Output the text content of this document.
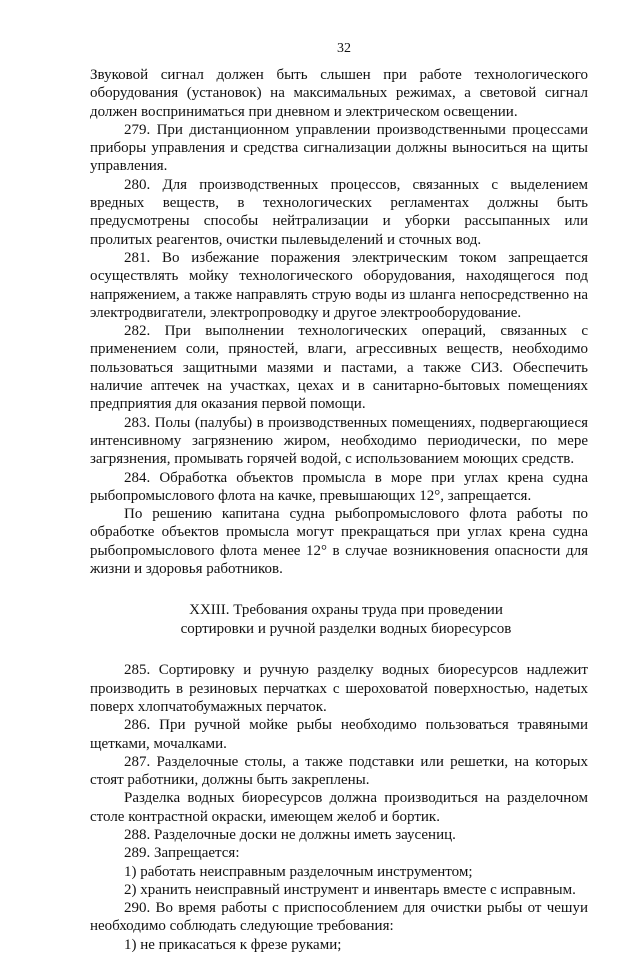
32

Звуковой сигнал должен быть слышен при работе технологического оборудования (установок) на максимальных режимах, а световой сигнал должен восприниматься при дневном и электрическом освещении.

279. При дистанционном управлении производственными процессами приборы управления и средства сигнализации должны выноситься на щиты управления.

280. Для производственных процессов, связанных с выделением вредных веществ, в технологических регламентах должны быть предусмотрены способы нейтрализации и уборки рассыпанных или пролитых реагентов, очистки пылевыделений и сточных вод.

281. Во избежание поражения электрическим током запрещается осуществлять мойку технологического оборудования, находящегося под напряжением, а также направлять струю воды из шланга непосредственно на электродвигатели, электропроводку и другое электрооборудование.

282. При выполнении технологических операций, связанных с применением соли, пряностей, влаги, агрессивных веществ, необходимо пользоваться защитными мазями и пастами, а также СИЗ. Обеспечить наличие аптечек на участках, цехах и в санитарно-бытовых помещениях предприятия для оказания первой помощи.

283. Полы (палубы) в производственных помещениях, подвергающиеся интенсивному загрязнению жиром, необходимо периодически, по мере загрязнения, промывать горячей водой, с использованием моющих средств.

284. Обработка объектов промысла в море при углах крена судна рыбопромыслового флота на качке, превышающих 12°, запрещается.

По решению капитана судна рыбопромыслового флота работы по обработке объектов промысла могут прекращаться при углах крена судна рыбопромыслового флота менее 12° в случае возникновения опасности для жизни и здоровья работников.

XXIII. Требования охраны труда при проведении
сортировки и ручной разделки водных биоресурсов

285. Сортировку и ручную разделку водных биоресурсов надлежит производить в резиновых перчатках с шероховатой поверхностью, надетых поверх хлопчатобумажных перчаток.

286. При ручной мойке рыбы необходимо пользоваться травяными щетками, мочалками.

287. Разделочные столы, а также подставки или решетки, на которых стоят работники, должны быть закреплены.

Разделка водных биоресурсов должна производиться на разделочном столе контрастной окраски, имеющем желоб и бортик.

288. Разделочные доски не должны иметь заусениц.

289. Запрещается:

1) работать неисправным разделочным инструментом;

2) хранить неисправный инструмент и инвентарь вместе с исправным.

290. Во время работы с приспособлением для очистки рыбы от чешуи необходимо соблюдать следующие требования:

1) не прикасаться к фрезе руками;
